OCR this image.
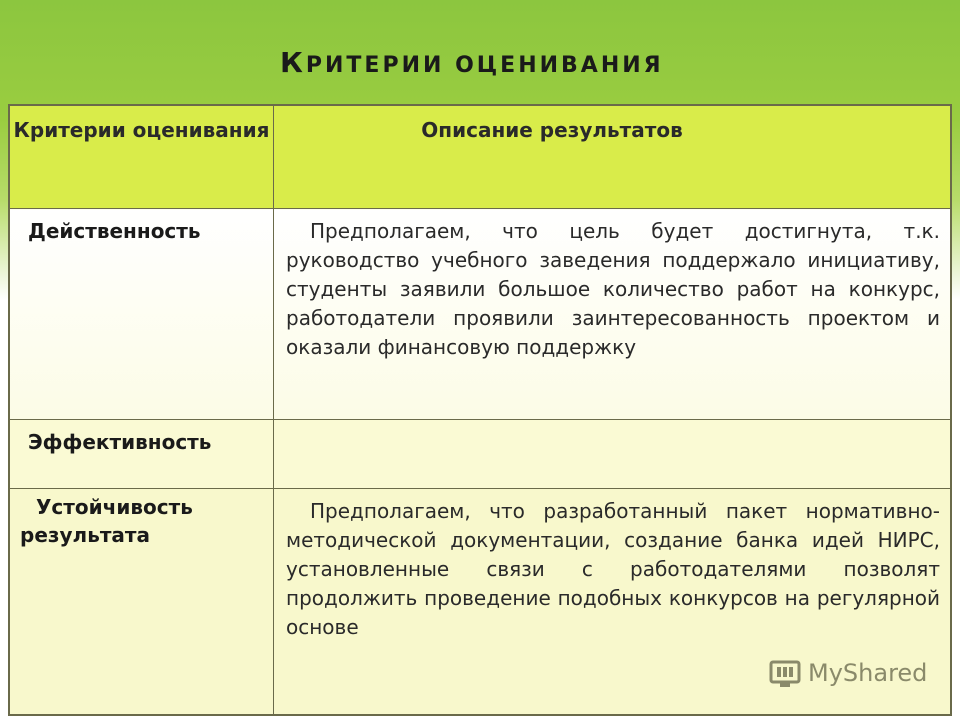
КРИТЕРИИ ОЦЕНИВАНИЯ
Критерии оценивания	Описание результатов

Действенность	Предполагаем, что цель будет достигнута, т.к. руководство учебного заведения поддержало инициативу, студенты заявили большое количество работ на конкурс, работодатели проявили заинтересованность проектом и оказали финансовую поддержку

Эффективность	

Устойчивость результата	Предполагаем, что разработанный пакет нормативно-методической документации, создание банка идей НИРС, установленные связи с работодателями позволят продолжить проведение подобных конкурсов на регулярной основе
MyShared
